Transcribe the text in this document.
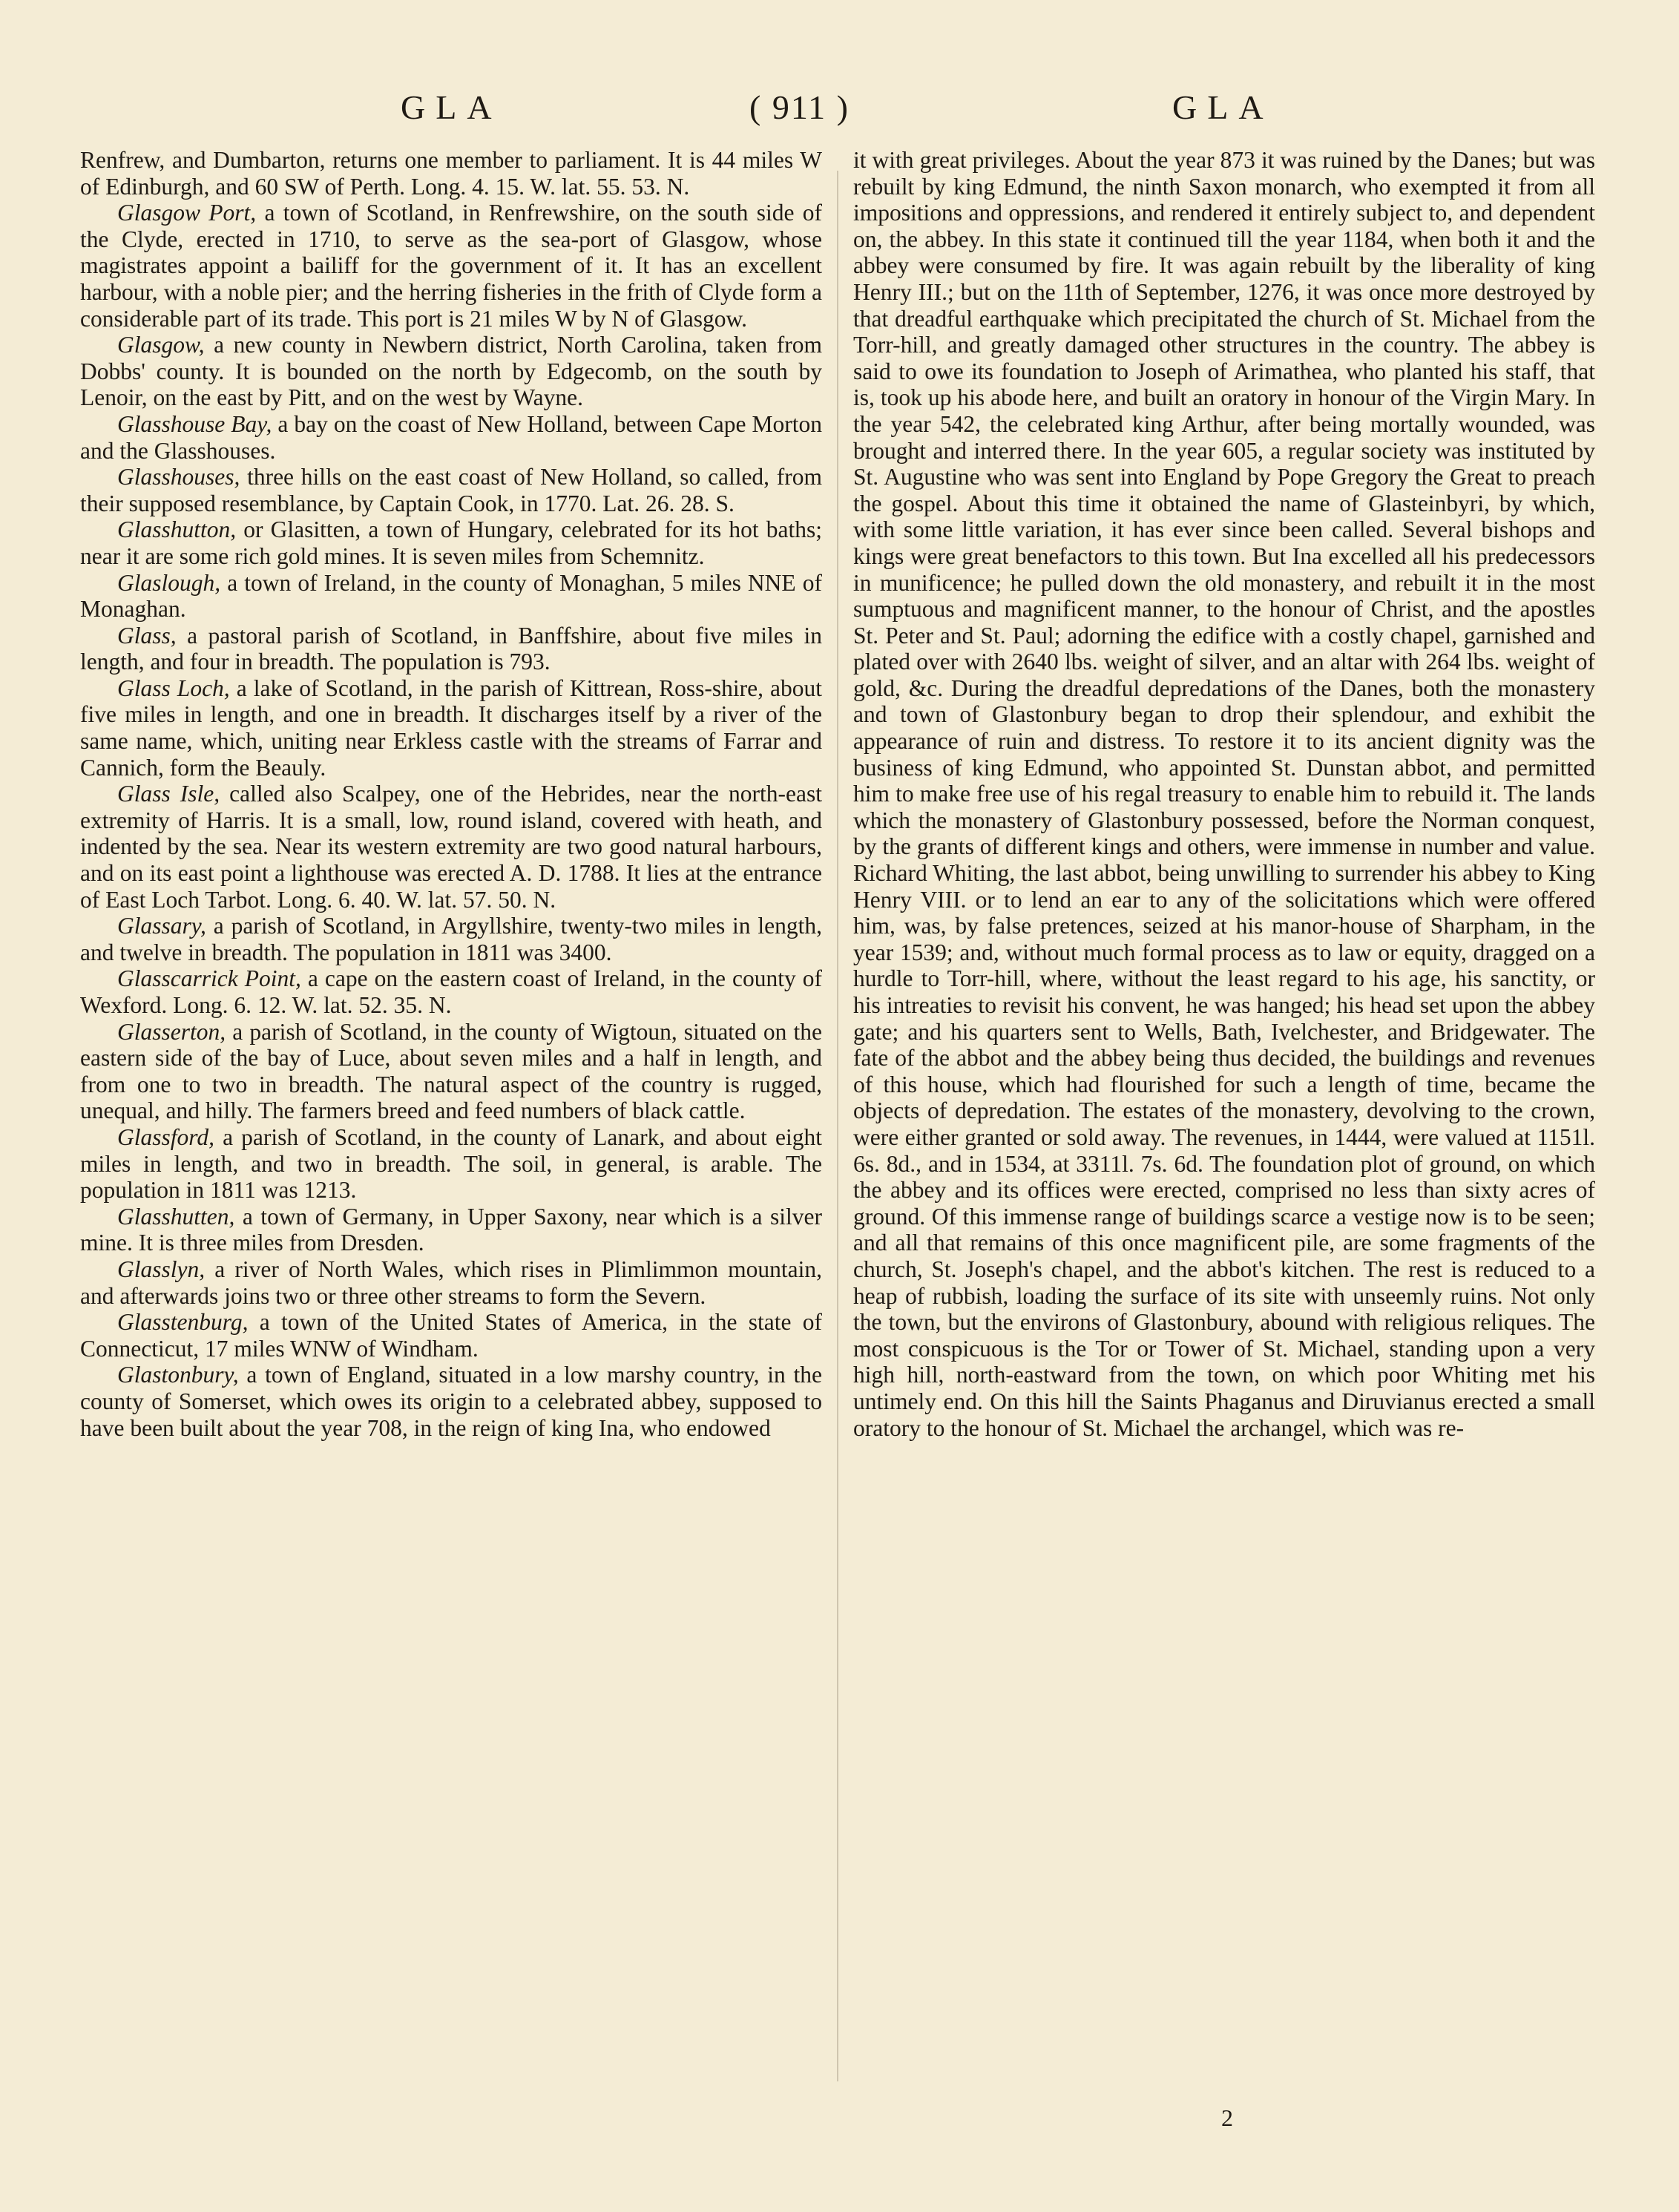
GLA	( 911 )	GLA

Renfrew, and Dumbarton, returns one member to parliament. It is 44 miles W of Edinburgh, and 60 SW of Perth. Long. 4. 15. W. lat. 55. 53. N.

Glasgow Port, a town of Scotland, in Renfrewshire, on the south side of the Clyde, erected in 1710, to serve as the sea-port of Glasgow, whose magistrates appoint a bailiff for the government of it. It has an excellent harbour, with a noble pier; and the herring fisheries in the frith of Clyde form a considerable part of its trade. This port is 21 miles W by N of Glasgow.

Glasgow, a new county in Newbern district, North Carolina, taken from Dobbs' county. It is bounded on the north by Edgecomb, on the south by Lenoir, on the east by Pitt, and on the west by Wayne.

Glasshouse Bay, a bay on the coast of New Holland, between Cape Morton and the Glasshouses.

Glasshouses, three hills on the east coast of New Holland, so called, from their supposed resemblance, by Captain Cook, in 1770. Lat. 26. 28. S.

Glasshutton, or Glasitten, a town of Hungary, celebrated for its hot baths; near it are some rich gold mines. It is seven miles from Schemnitz.

Glaslough, a town of Ireland, in the county of Monaghan, 5 miles NNE of Monaghan.

Glass, a pastoral parish of Scotland, in Banffshire, about five miles in length, and four in breadth. The population is 793.

Glass Loch, a lake of Scotland, in the parish of Kittrean, Ross-shire, about five miles in length, and one in breadth. It discharges itself by a river of the same name, which, uniting near Erkless castle with the streams of Farrar and Cannich, form the Beauly.

Glass Isle, called also Scalpey, one of the Hebrides, near the north-east extremity of Harris. It is a small, low, round island, covered with heath, and indented by the sea. Near its western extremity are two good natural harbours, and on its east point a lighthouse was erected A. D. 1788. It lies at the entrance of East Loch Tarbot. Long. 6. 40. W. lat. 57. 50. N.

Glassary, a parish of Scotland, in Argyllshire, twenty-two miles in length, and twelve in breadth. The population in 1811 was 3400.

Glasscarrick Point, a cape on the eastern coast of Ireland, in the county of Wexford. Long. 6. 12. W. lat. 52. 35. N.

Glasserton, a parish of Scotland, in the county of Wigtoun, situated on the eastern side of the bay of Luce, about seven miles and a half in length, and from one to two in breadth. The natural aspect of the country is rugged, unequal, and hilly. The farmers breed and feed numbers of black cattle.

Glassford, a parish of Scotland, in the county of Lanark, and about eight miles in length, and two in breadth. The soil, in general, is arable. The population in 1811 was 1213.

Glasshutten, a town of Germany, in Upper Saxony, near which is a silver mine. It is three miles from Dresden.

Glasslyn, a river of North Wales, which rises in Plimlimmon mountain, and afterwards joins two or three other streams to form the Severn.

Glasstenburg, a town of the United States of America, in the state of Connecticut, 17 miles WNW of Windham.

Glastonbury, a town of England, situated in a low marshy country, in the county of Somerset, which owes its origin to a celebrated abbey, supposed to have been built about the year 708, in the reign of king Ina, who endowed

it with great privileges. About the year 873 it was ruined by the Danes; but was rebuilt by king Edmund, the ninth Saxon monarch, who exempted it from all impositions and oppressions, and rendered it entirely subject to, and dependent on, the abbey. In this state it continued till the year 1184, when both it and the abbey were consumed by fire. It was again rebuilt by the liberality of king Henry III.; but on the 11th of September, 1276, it was once more destroyed by that dreadful earthquake which precipitated the church of St. Michael from the Torr-hill, and greatly damaged other structures in the country. The abbey is said to owe its foundation to Joseph of Arimathea, who planted his staff, that is, took up his abode here, and built an oratory in honour of the Virgin Mary. In the year 542, the celebrated king Arthur, after being mortally wounded, was brought and interred there. In the year 605, a regular society was instituted by St. Augustine who was sent into England by Pope Gregory the Great to preach the gospel. About this time it obtained the name of Glasteinbyri, by which, with some little variation, it has ever since been called. Several bishops and kings were great benefactors to this town. But Ina excelled all his predecessors in munificence; he pulled down the old monastery, and rebuilt it in the most sumptuous and magnificent manner, to the honour of Christ, and the apostles St. Peter and St. Paul; adorning the edifice with a costly chapel, garnished and plated over with 2640 lbs. weight of silver, and an altar with 264 lbs. weight of gold, &c. During the dreadful depredations of the Danes, both the monastery and town of Glastonbury began to drop their splendour, and exhibit the appearance of ruin and distress. To restore it to its ancient dignity was the business of king Edmund, who appointed St. Dunstan abbot, and permitted him to make free use of his regal treasury to enable him to rebuild it. The lands which the monastery of Glastonbury possessed, before the Norman conquest, by the grants of different kings and others, were immense in number and value. Richard Whiting, the last abbot, being unwilling to surrender his abbey to King Henry VIII. or to lend an ear to any of the solicitations which were offered him, was, by false pretences, seized at his manor-house of Sharpham, in the year 1539; and, without much formal process as to law or equity, dragged on a hurdle to Torr-hill, where, without the least regard to his age, his sanctity, or his intreaties to revisit his convent, he was hanged; his head set upon the abbey gate; and his quarters sent to Wells, Bath, Ivelchester, and Bridgewater. The fate of the abbot and the abbey being thus decided, the buildings and revenues of this house, which had flourished for such a length of time, became the objects of depredation. The estates of the monastery, devolving to the crown, were either granted or sold away. The revenues, in 1444, were valued at 1151l. 6s. 8d., and in 1534, at 3311l. 7s. 6d. The foundation plot of ground, on which the abbey and its offices were erected, comprised no less than sixty acres of ground. Of this immense range of buildings scarce a vestige now is to be seen; and all that remains of this once magnificent pile, are some fragments of the church, St. Joseph's chapel, and the abbot's kitchen. The rest is reduced to a heap of rubbish, loading the surface of its site with unseemly ruins. Not only the town, but the environs of Glastonbury, abound with religious reliques. The most conspicuous is the Tor or Tower of St. Michael, standing upon a very high hill, north-eastward from the town, on which poor Whiting met his untimely end. On this hill the Saints Phaganus and Diruvianus erected a small oratory to the honour of St. Michael the archangel, which was re-

2
